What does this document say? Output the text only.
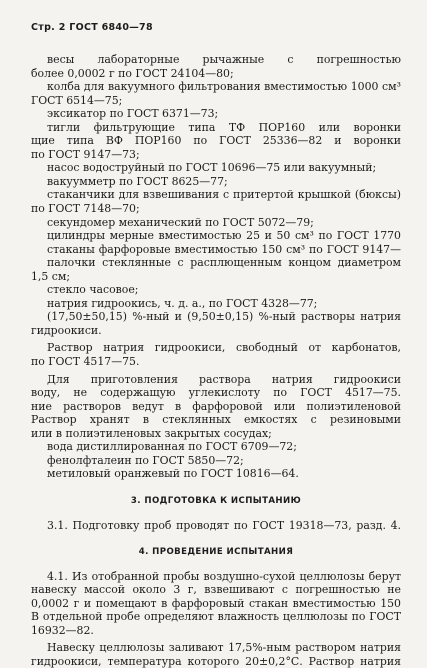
Стр. 2 ГОСТ 6840—78
весы лабораторные рычажные с погрешностью
более 0,0002 г по ГОСТ 24104—80;
колба для вакуумного фильтрования вместимостью 1000 см³
ГОСТ 6514—75;
эксикатор по ГОСТ 6371—73;
тигли фильтрующие типа ТФ ПОР160 или воронки
щие типа ВФ ПОР160 по ГОСТ 25336—82 и воронки
по ГОСТ 9147—73;
насос водоструйный по ГОСТ 10696—75 или вакуумный;
вакуумметр по ГОСТ 8625—77;
стаканчики для взвешивания с притертой крышкой (бюксы)
по ГОСТ 7148—70;
секундомер механический по ГОСТ 5072—79;
цилиндры мерные вместимостью 25 и 50 см³ по ГОСТ 1770
стаканы фарфоровые вместимостью 150 см³ по ГОСТ 9147—
палочки стеклянные с расплющенным концом диаметром
1,5 см;
стекло часовое;
натрия гидроокись, ч. д. а., по ГОСТ 4328—77;
(17,50±50,15) %-ный и (9,50±0,15) %-ный растворы натрия
гидроокиси.
Раствор натрия гидроокиси, свободный от карбонатов,
по ГОСТ 4517—75.
Для приготовления раствора натрия гидроокиси
воду, не содержащую углекислоту по ГОСТ 4517—75.
ние растворов ведут в фарфоровой или полиэтиленовой
Раствор хранят в стеклянных емкостях с резиновыми
или в полиэтиленовых закрытых сосудах;
вода дистиллированная по ГОСТ 6709—72;
фенолфталеин по ГОСТ 5850—72;
метиловый оранжевый по ГОСТ 10816—64.
3. ПОДГОТОВКА К ИСПЫТАНИЮ
3.1. Подготовку проб проводят по ГОСТ 19318—73, разд. 4.
4. ПРОВЕДЕНИЕ ИСПЫТАНИЯ
4.1. Из отобранной пробы воздушно-сухой целлюлозы берут
навеску массой около 3 г, взвешивают с погрешностью не
0,0002 г и помещают в фарфоровый стакан вместимостью 150
В отдельной пробе определяют влажность целлюлозы по ГОСТ
16932—82.
Навеску целлюлозы заливают 17,5%-ным раствором натрия
гидроокиси, температура которого 20±0,2°С. Раствор натрия
